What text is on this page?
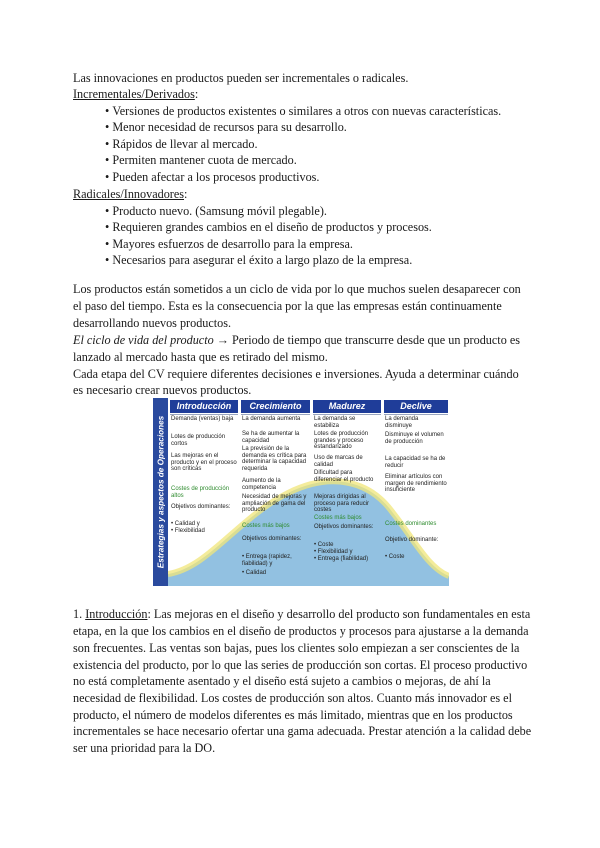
Las innovaciones en productos pueden ser incrementales o radicales.
Incrementales/Derivados:
• Versiones de productos existentes o similares a otros con nuevas características.
• Menor necesidad de recursos para su desarrollo.
• Rápidos de llevar al mercado.
• Permiten mantener cuota de mercado.
• Pueden afectar a los procesos productivos.
Radicales/Innovadores:
• Producto nuevo. (Samsung móvil plegable).
• Requieren grandes cambios en el diseño de productos y procesos.
• Mayores esfuerzos de desarrollo para la empresa.
• Necesarios para asegurar el éxito a largo plazo de la empresa.
Los productos están sometidos a un ciclo de vida por lo que muchos suelen desaparecer con
el paso del tiempo. Esta es la consecuencia por la que las empresas están continuamente
desarrollando nuevos productos.
El ciclo de vida del producto → Periodo de tiempo que transcurre desde que un producto es
lanzado al mercado hasta que es retirado del mismo.
Cada etapa del CV requiere diferentes decisiones e inversiones. Ayuda a determinar cuándo
es necesario crear nuevos productos.
Estrategias y aspectos de Operaciones
Introducción
Demanda (ventas) baja
Lotes de producción cortos
Las mejoras en el producto y en el proceso son críticas
Costes de producción altos
Objetivos dominantes:
• Calidad y
• Flexibilidad
Crecimiento
La demanda aumenta
Se ha de aumentar la capacidad
La previsión de la demanda es crítica para determinar la capacidad requerida
Aumento de la competencia
Necesidad de mejoras y ampliación de gama del producto
Costes más bajos
Objetivos dominantes:
• Entrega (rapidez, fiabilidad) y
• Calidad
Madurez
La demanda se estabiliza
Lotes de producción grandes y proceso estandarizado
Uso de marcas de calidad
Dificultad para diferenciar el producto
Mejoras dirigidas al proceso para reducir costes
Costes más bajos
Objetivos dominantes:
• Coste
• Flexibilidad y
• Entrega (fiabilidad)
Declive
La demanda disminuye
Disminuye el volumen de producción
La capacidad se ha de reducir
Eliminar artículos con margen de rendimiento insuficiente
Costes dominantes
Objetivo dominante:
• Coste
1. Introducción: Las mejoras en el diseño y desarrollo del producto son fundamentales en esta
etapa, en la que los cambios en el diseño de productos y procesos para ajustarse a la demanda
son frecuentes. Las ventas son bajas, pues los clientes solo empiezan a ser conscientes de la
existencia del producto, por lo que las series de producción son cortas. El proceso productivo
no está completamente asentado y el diseño está sujeto a cambios o mejoras, de ahí la
necesidad de flexibilidad. Los costes de producción son altos. Cuanto más innovador es el
producto, el número de modelos diferentes es más limitado, mientras que en los productos
incrementales se hace necesario ofertar una gama adecuada. Prestar atención a la calidad debe
ser una prioridad para la DO.
